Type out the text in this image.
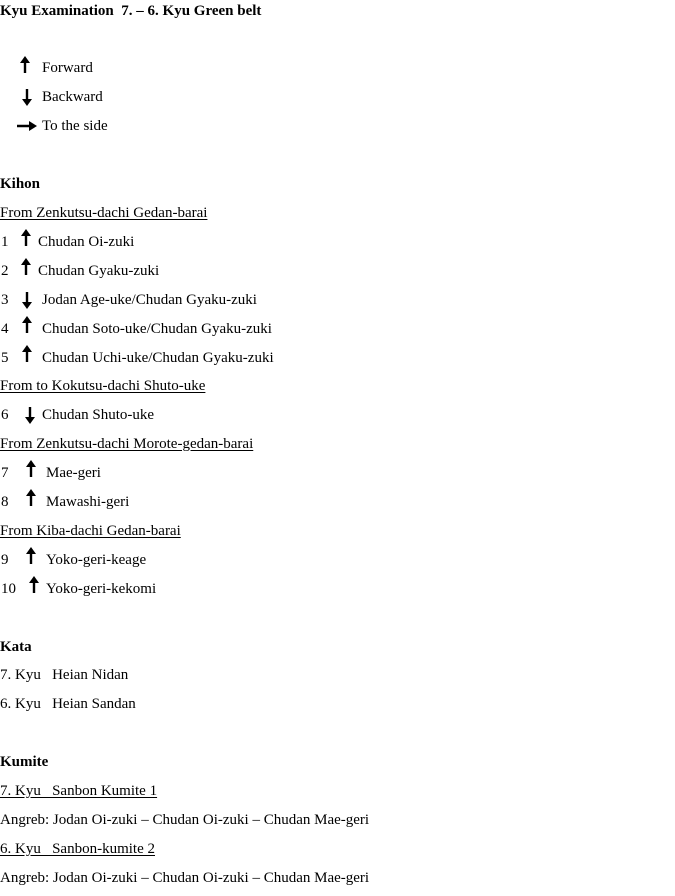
Kyu Examination  7. – 6. Kyu Green belt
Forward
Backward
To the side
Kihon
From Zenkutsu-dachi Gedan-barai
1 Chudan Oi-zuki
2 Chudan Gyaku-zuki
3 Jodan Age-uke/Chudan Gyaku-zuki
4 Chudan Soto-uke/Chudan Gyaku-zuki
5 Chudan Uchi-uke/Chudan Gyaku-zuki
From to Kokutsu-dachi Shuto-uke
6 Chudan Shuto-uke
From Zenkutsu-dachi Morote-gedan-barai
7	Mae-geri
8	Mawashi-geri
From Kiba-dachi Gedan-barai
9	Yoko-geri-keage
10 Yoko-geri-kekomi
Kata
7. Kyu   Heian Nidan
6. Kyu   Heian Sandan
Kumite
7. Kyu   Sanbon Kumite 1
Angreb: Jodan Oi-zuki – Chudan Oi-zuki – Chudan Mae-geri
6. Kyu   Sanbon-kumite 2
Angreb: Jodan Oi-zuki – Chudan Oi-zuki – Chudan Mae-geri
